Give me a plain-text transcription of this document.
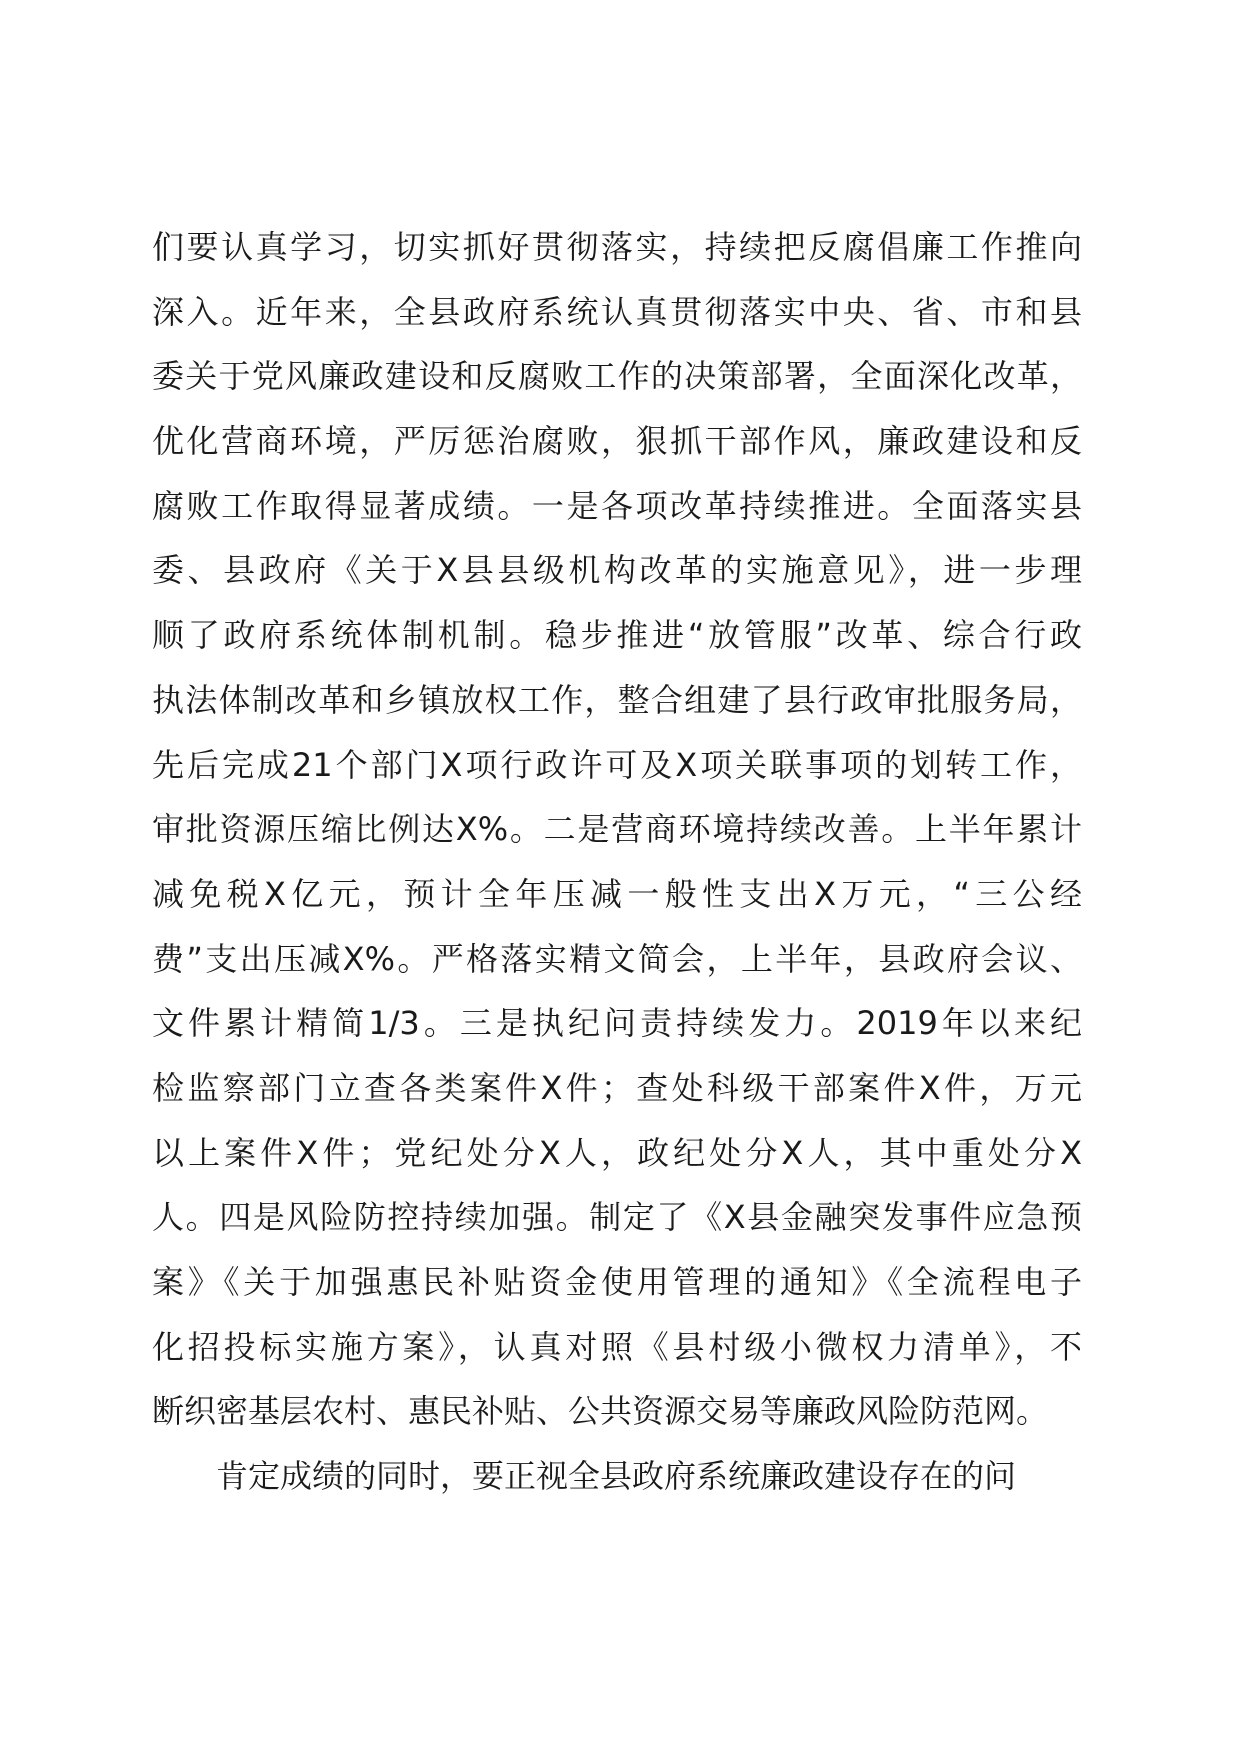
们要认真学习，切实抓好贯彻落实，持续把反腐倡廉工作推向
深入。近年来，全县政府系统认真贯彻落实中央、省、市和县
委关于党风廉政建设和反腐败工作的决策部署，全面深化改革，
优化营商环境，严厉惩治腐败，狠抓干部作风，廉政建设和反
腐败工作取得显著成绩。一是各项改革持续推进。全面落实县
委、县政府《关于X县县级机构改革的实施意见》，进一步理
顺了政府系统体制机制。稳步推进“放管服”改革、综合行政
执法体制改革和乡镇放权工作，整合组建了县行政审批服务局，
先后完成21个部门X项行政许可及X项关联事项的划转工作，
审批资源压缩比例达X%。二是营商环境持续改善。上半年累计
减免税X亿元，预计全年压减一般性支出X万元，“三公经
费”支出压减X%。严格落实精文简会，上半年，县政府会议、
文件累计精简1/3。三是执纪问责持续发力。2019年以来纪
检监察部门立查各类案件X件；查处科级干部案件X件，万元
以上案件X件；党纪处分X人，政纪处分X人，其中重处分X
人。四是风险防控持续加强。制定了《X县金融突发事件应急预
案》《关于加强惠民补贴资金使用管理的通知》《全流程电子
化招投标实施方案》，认真对照《县村级小微权力清单》，不
断织密基层农村、惠民补贴、公共资源交易等廉政风险防范网。
肯定成绩的同时，要正视全县政府系统廉政建设存在的问
